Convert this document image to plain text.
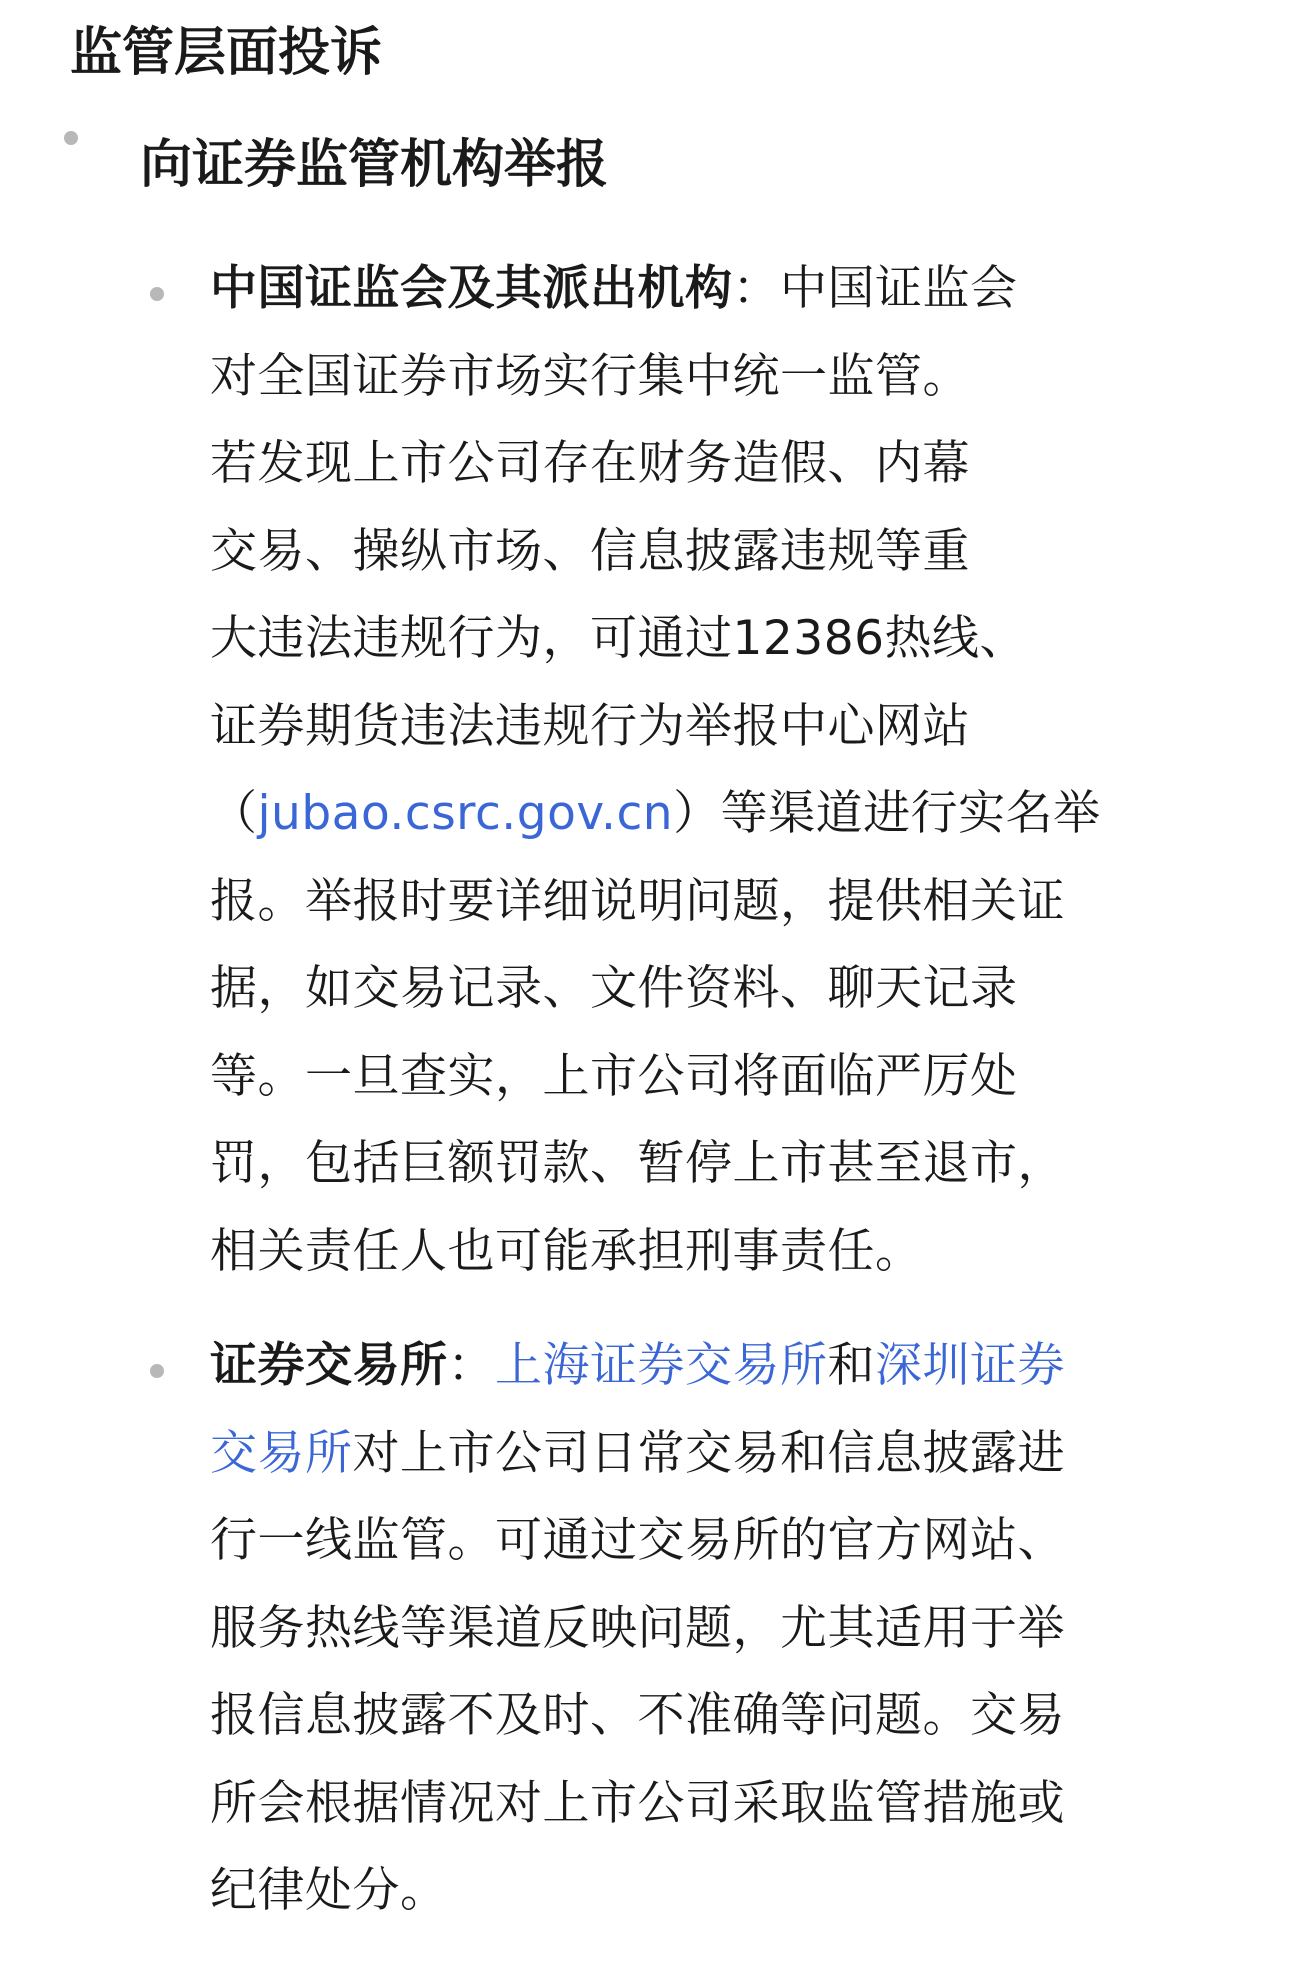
监管层面投诉
向证券监管机构举报
中国证监会及其派出机构：中国证监会
对全国证券市场实行集中统一监管。
若发现上市公司存在财务造假、内幕
交易、操纵市场、信息披露违规等重
大违法违规行为，可通过12386热线、
证券期货违法违规行为举报中心网站
（jubao.csrc.gov.cn）等渠道进行实名举
报。举报时要详细说明问题，提供相关证
据，如交易记录、文件资料、聊天记录
等。一旦查实，上市公司将面临严厉处
罚，包括巨额罚款、暂停上市甚至退市，
相关责任人也可能承担刑事责任。
证券交易所：上海证券交易所和深圳证券
交易所对上市公司日常交易和信息披露进
行一线监管。可通过交易所的官方网站、
服务热线等渠道反映问题，尤其适用于举
报信息披露不及时、不准确等问题。交易
所会根据情况对上市公司采取监管措施或
纪律处分。
